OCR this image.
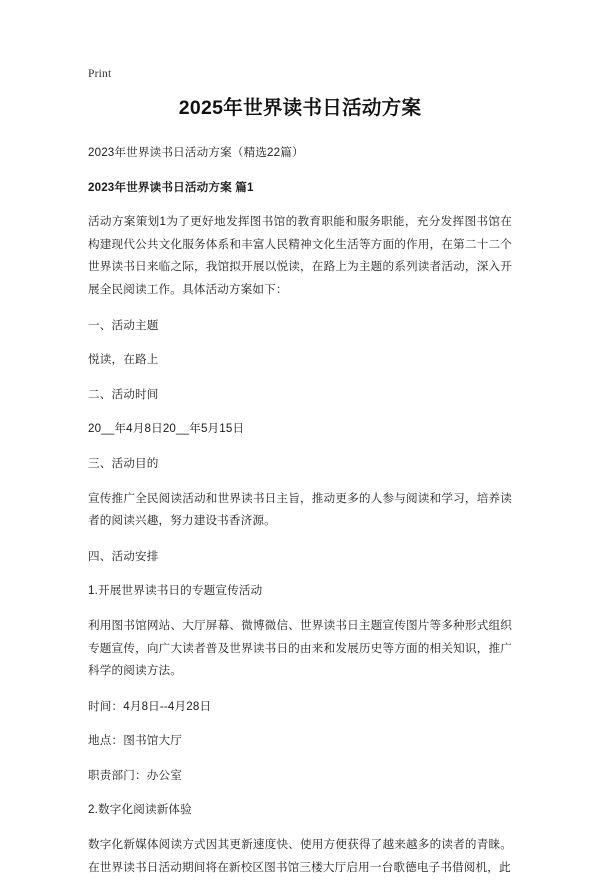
Print
2025年世界读书日活动方案

2023年世界读书日活动方案（精选22篇）

2023年世界读书日活动方案 篇1

活动方案策划1为了更好地发挥图书馆的教育职能和服务职能，充分发挥图书馆在构建现代公共文化服务体系和丰富人民精神文化生活等方面的作用，在第二十二个世界读书日来临之际，我馆拟开展以悦读，在路上为主题的系列读者活动，深入开展全民阅读工作。具体活动方案如下：

一、活动主题

悦读，在路上

二、活动时间

20__年4月8日20__年5月15日

三、活动目的

宣传推广全民阅读活动和世界读书日主旨，推动更多的人参与阅读和学习，培养读者的阅读兴趣，努力建设书香济源。

四、活动安排

1.开展世界读书日的专题宣传活动

利用图书馆网站、大厅屏幕、微博微信、世界读书日主题宣传图片等多种形式组织专题宣传，向广大读者普及世界读书日的由来和发展历史等方面的相关知识，推广科学的阅读方法。

时间：4月8日--4月28日

地点：图书馆大厅

职责部门：办公室

2.数字化阅读新体验

数字化新媒体阅读方式因其更新速度快、使用方便获得了越来越多的读者的青睐。在世界读书日活动期间将在新校区图书馆三楼大厅启用一台歌德电子书借阅机，此
